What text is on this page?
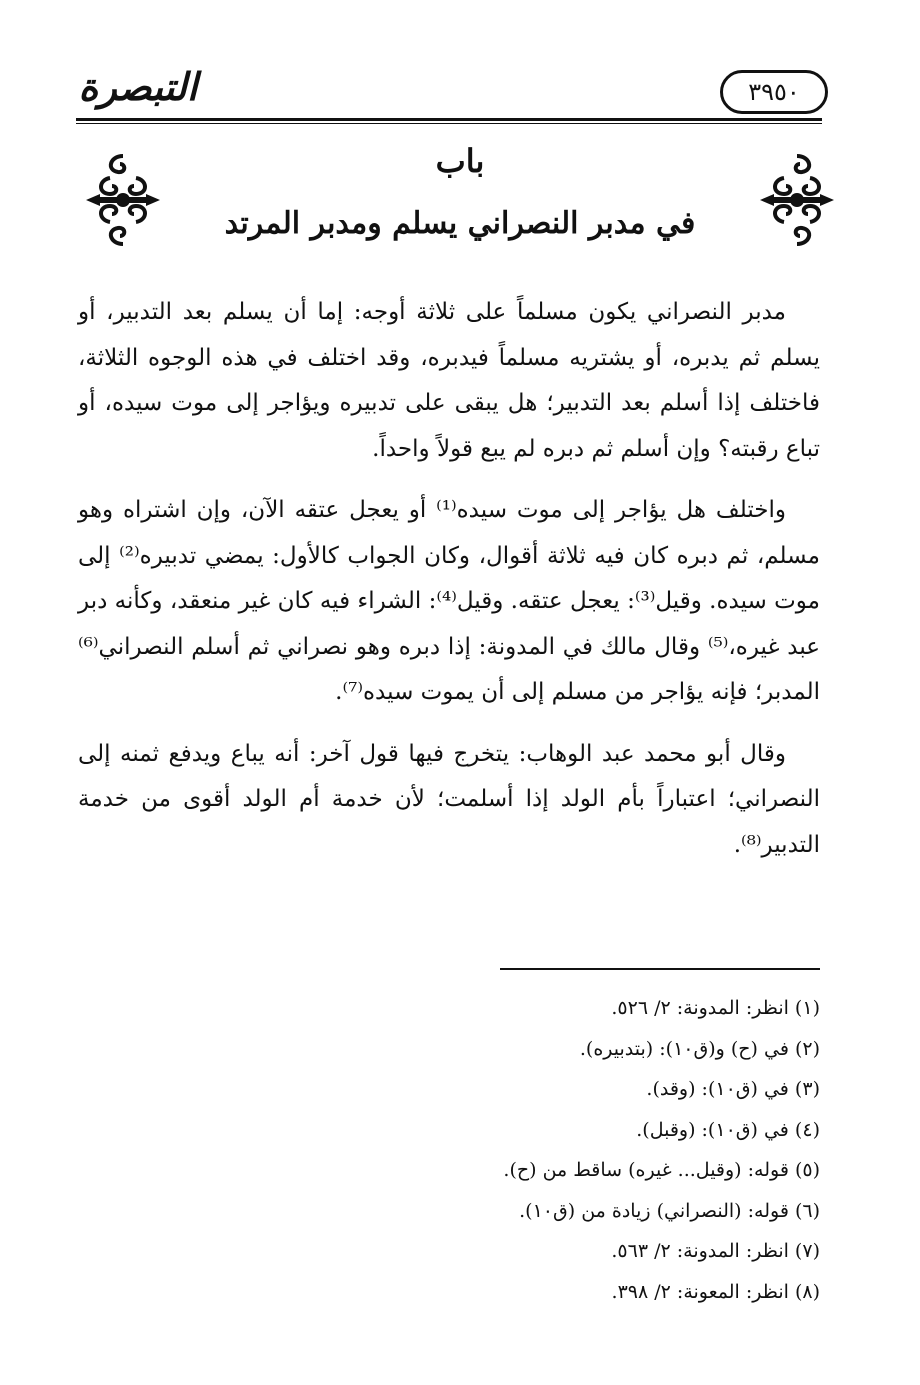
التبصرة	٣٩٥٠
باب
في مدبر النصراني يسلم ومدبر المرتد

مدبر النصراني يكون مسلماً على ثلاثة أوجه: إما أن يسلم بعد التدبير، أو يسلم ثم يدبره، أو يشتريه مسلماً فيدبره، وقد اختلف في هذه الوجوه الثلاثة، فاختلف إذا أسلم بعد التدبير؛ هل يبقى على تدبيره ويؤاجر إلى موت سيده، أو تباع رقبته؟ وإن أسلم ثم دبره لم يبع قولاً واحداً.

واختلف هل يؤاجر إلى موت سيده⁽¹⁾ أو يعجل عتقه الآن، وإن اشتراه وهو مسلم، ثم دبره كان فيه ثلاثة أقوال، وكان الجواب كالأول: يمضي تدبيره⁽²⁾ إلى موت سيده. وقيل⁽³⁾: يعجل عتقه. وقيل⁽⁴⁾: الشراء فيه كان غير منعقد، وكأنه دبر عبد غيره،⁽⁵⁾ وقال مالك في المدونة: إذا دبره وهو نصراني ثم أسلم النصراني⁽⁶⁾ المدبر؛ فإنه يؤاجر من مسلم إلى أن يموت سيده⁽⁷⁾.

وقال أبو محمد عبد الوهاب: يتخرج فيها قول آخر: أنه يباع ويدفع ثمنه إلى النصراني؛ اعتباراً بأم الولد إذا أسلمت؛ لأن خدمة أم الولد أقوى من خدمة التدبير⁽⁸⁾.

(١) انظر: المدونة: ٢/ ٥٢٦.
(٢) في (ح) و(ق١٠): (بتدبيره).
(٣) في (ق١٠): (وقد).
(٤) في (ق١٠): (وقبل).
(٥) قوله: (وقيل... غيره) ساقط من (ح).
(٦) قوله: (النصراني) زيادة من (ق١٠).
(٧) انظر: المدونة: ٢/ ٥٦٣.
(٨) انظر: المعونة: ٢/ ٣٩٨.
